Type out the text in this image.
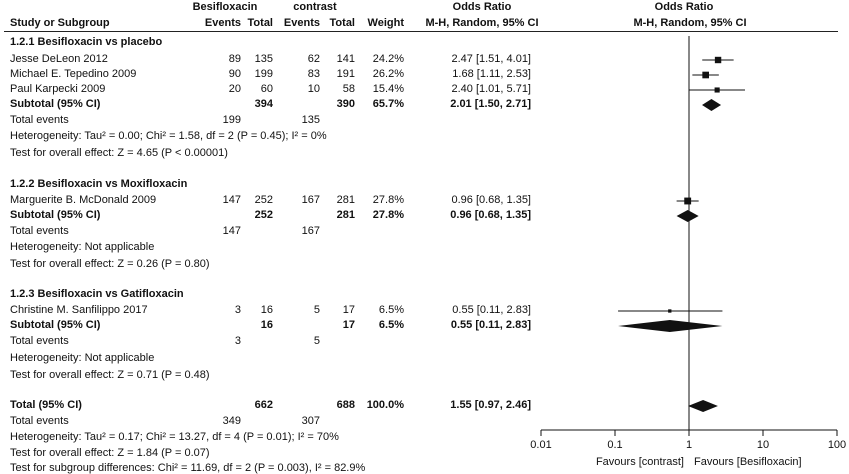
Besifloxacin	contrast	Odds Ratio	Odds Ratio
Study or Subgroup	Events Total Events Total Weight	M-H, Random, 95% CI	M-H, Random, 95% CI
1.2.1 Besifloxacin vs placebo
Jesse DeLeon 2012	89 135	62 141 24.2%	2.47 [1.51, 4.01]
Michael E. Tepedino 2009	90 199	83 191 26.2%	1.68 [1.11, 2.53]
Paul Karpecki 2009	20 60	10 58 15.4%	2.40 [1.01, 5.71]
Subtotal (95% CI)	394	390 65.7%	2.01 [1.50, 2.71]
Total events	199	135
Heterogeneity: Tau² = 0.00; Chi² = 1.58, df = 2 (P = 0.45); I² = 0%
Test for overall effect: Z = 4.65 (P < 0.00001)
1.2.2 Besifloxacin vs Moxifloxacin
Marguerite B. McDonald 2009	147 252	167 281 27.8%	0.96 [0.68, 1.35]
Subtotal (95% CI)	252	281 27.8%	0.96 [0.68, 1.35]
Total events	147	167
Heterogeneity: Not applicable
Test for overall effect: Z = 0.26 (P = 0.80)
1.2.3 Besifloxacin vs Gatifloxacin
Christine M. Sanfilippo 2017	3 16	5 17 6.5%	0.55 [0.11, 2.83]
Subtotal (95% CI)	16	17 6.5%	0.55 [0.11, 2.83]
Total events	3	5
Heterogeneity: Not applicable
Test for overall effect: Z = 0.71 (P = 0.48)
Total (95% CI)	662	688 100.0%	1.55 [0.97, 2.46]
Total events	349	307
Heterogeneity: Tau² = 0.17; Chi² = 13.27, df = 4 (P = 0.01); I² = 70%
Test for overall effect: Z = 1.84 (P = 0.07)
Test for subgroup differences: Chi² = 11.69, df = 2 (P = 0.003), I² = 82.9%
0.01	0.1	1	10	100
Favours [contrast] Favours [Besifloxacin]
